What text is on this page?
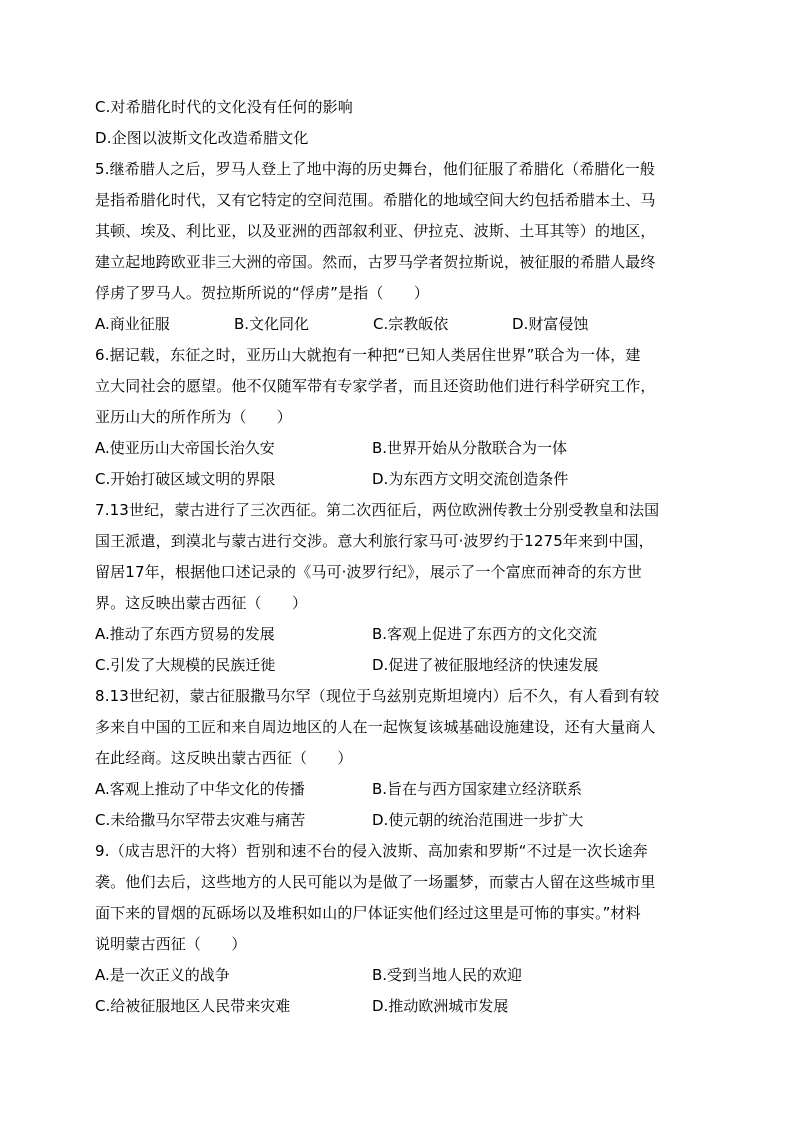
C.对希腊化时代的文化没有任何的影响
D.企图以波斯文化改造希腊文化
5.继希腊人之后，罗马人登上了地中海的历史舞台，他们征服了希腊化（希腊化一般
是指希腊化时代，又有它特定的空间范围。希腊化的地域空间大约包括希腊本土、马
其顿、埃及、利比亚，以及亚洲的西部叙利亚、伊拉克、波斯、土耳其等）的地区，
建立起地跨欧亚非三大洲的帝国。然而，古罗马学者贺拉斯说，被征服的希腊人最终
俘虏了罗马人。贺拉斯所说的“俘虏”是指（　　）
A.商业征服	B.文化同化	C.宗教皈依	D.财富侵蚀
6.据记载，东征之时，亚历山大就抱有一种把“已知人类居住世界”联合为一体，建
立大同社会的愿望。他不仅随军带有专家学者，而且还资助他们进行科学研究工作，
亚历山大的所作所为（　　）
A.使亚历山大帝国长治久安	B.世界开始从分散联合为一体
C.开始打破区域文明的界限	D.为东西方文明交流创造条件
7.13世纪，蒙古进行了三次西征。第二次西征后，两位欧洲传教士分别受教皇和法国
国王派遣，到漠北与蒙古进行交涉。意大利旅行家马可·波罗约于1275年来到中国，
留居17年，根据他口述记录的《马可·波罗行纪》，展示了一个富庶而神奇的东方世
界。这反映出蒙古西征（　　）
A.推动了东西方贸易的发展	B.客观上促进了东西方的文化交流
C.引发了大规模的民族迁徙	D.促进了被征服地经济的快速发展
8.13世纪初，蒙古征服撒马尔罕（现位于乌兹别克斯坦境内）后不久，有人看到有较
多来自中国的工匠和来自周边地区的人在一起恢复该城基础设施建设，还有大量商人
在此经商。这反映出蒙古西征（　　）
A.客观上推动了中华文化的传播	B.旨在与西方国家建立经济联系
C.未给撒马尔罕带去灾难与痛苦	D.使元朝的统治范围进一步扩大
9.（成吉思汗的大将）哲别和速不台的侵入波斯、高加索和罗斯“不过是一次长途奔
袭。他们去后，这些地方的人民可能以为是做了一场噩梦，而蒙古人留在这些城市里
面下来的冒烟的瓦砾场以及堆积如山的尸体证实他们经过这里是可怖的事实。”材料
说明蒙古西征（　　）
A.是一次正义的战争	B.受到当地人民的欢迎
C.给被征服地区人民带来灾难	D.推动欧洲城市发展
